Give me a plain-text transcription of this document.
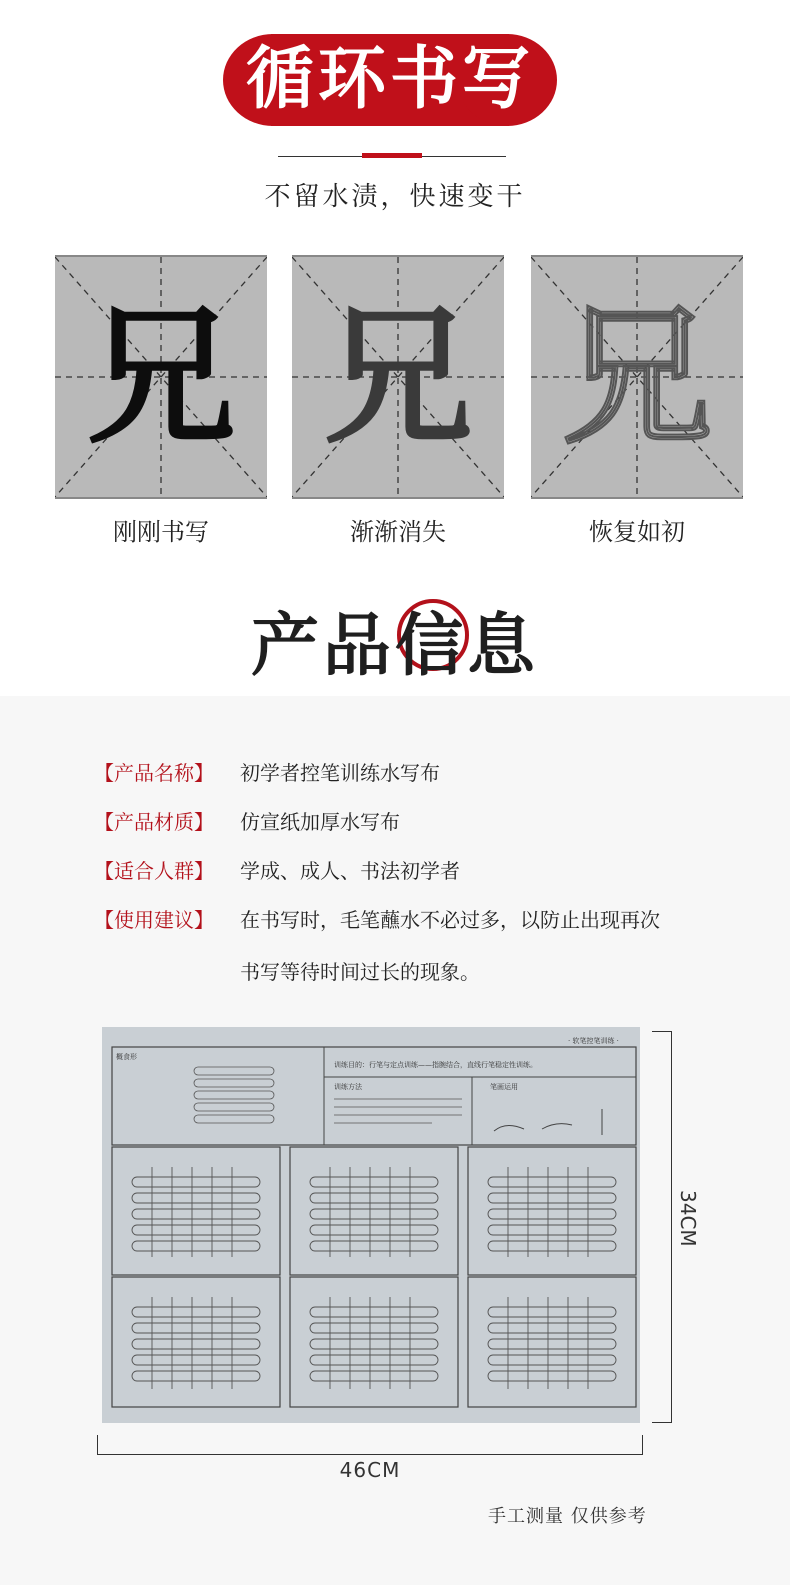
循环书写
不留水渍，快速变干
兄 兄 兄
刚刚书写	渐渐消失	恢复如初
产品信息
【产品名称】 初学者控笔训练水写布
【产品材质】 仿宣纸加厚水写布
【适合人群】 学成、成人、书法初学者
【使用建议】 在书写时，毛笔蘸水不必过多，以防止出现再次
书写等待时间过长的现象。
概食形
训练目的：行笔与定点训练——指腕结合，直线行笔稳定性训练。
· 软笔控笔训练 ·
训练方法	笔画运用
46CM
34CM
手工测量 仅供参考
